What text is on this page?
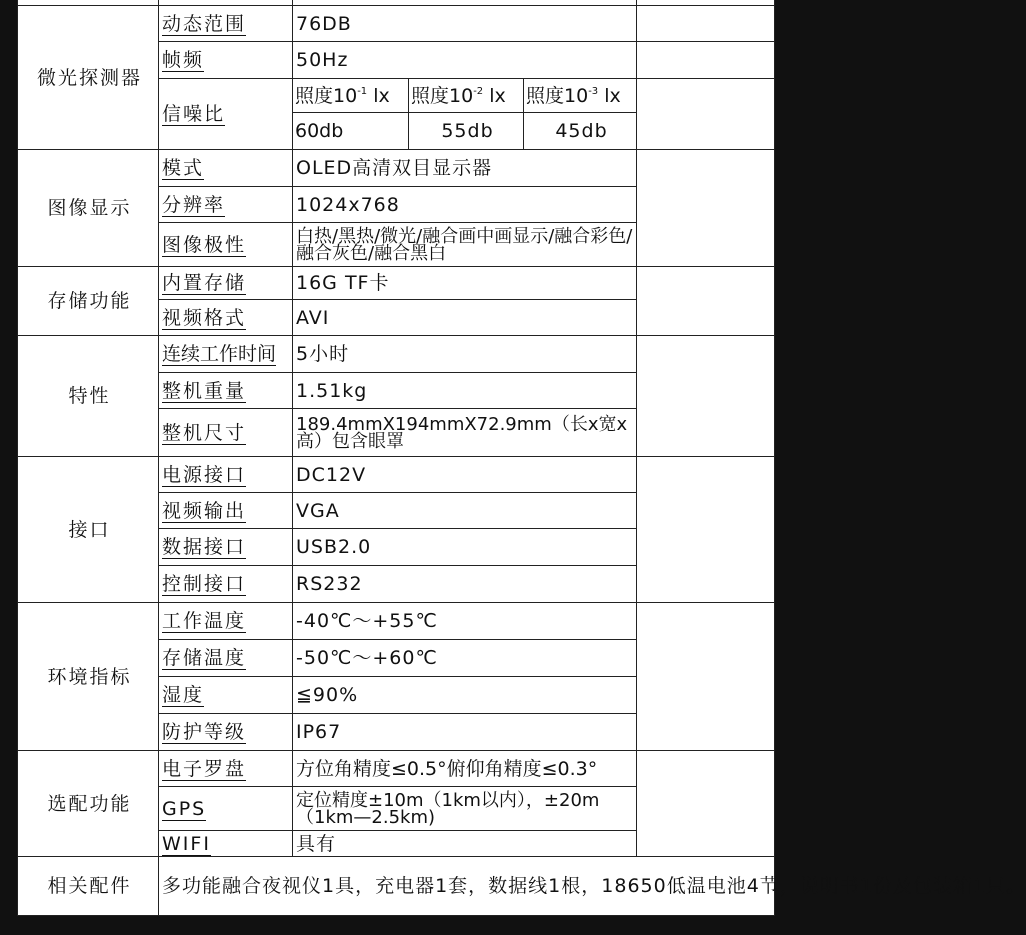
微光探测器	动态范围	76DB			
	帧频	50Hz			
	信噪比	照度$10^{-1}$ lx	照度$10^{-2}$ lx	照度$10^{-3}$ lx	
		60db	55db	45db	
图像显示	模式	OLED高清双目显示器			
	分辨率	1024x768			
	图像极性	白热/黑热/微光/融合画中画显示/融合彩色/融合灰色/融合黑白			
存储功能	内置存储	16G TF卡			
	视频格式	AVI			
特性	连续工作时间	5小时			
	整机重量	1.51kg			
	整机尺寸	189.4mmX194mmX72.9mm（长x宽x高）包含眼罩			
接口	电源接口	DC12V			
	视频输出	VGA			
	数据接口	USB2.0			
	控制接口	RS232			
环境指标	工作温度	-40℃～+55℃			
	存储温度	-50℃～+60℃			
	湿度	≦90%			
	防护等级	IP67			
选配功能	电子罗盘	方位角精度≤0.5°俯仰角精度≤0.3°			
	GPS	定位精度±10m（1km以内），±20m（1km—2.5km)			
	WIFI	具有			
相关配件	多功能融合夜视仪1具，充电器1套，数据线1根，18650低温电池4节，说明书1份及包装箱1只。				
